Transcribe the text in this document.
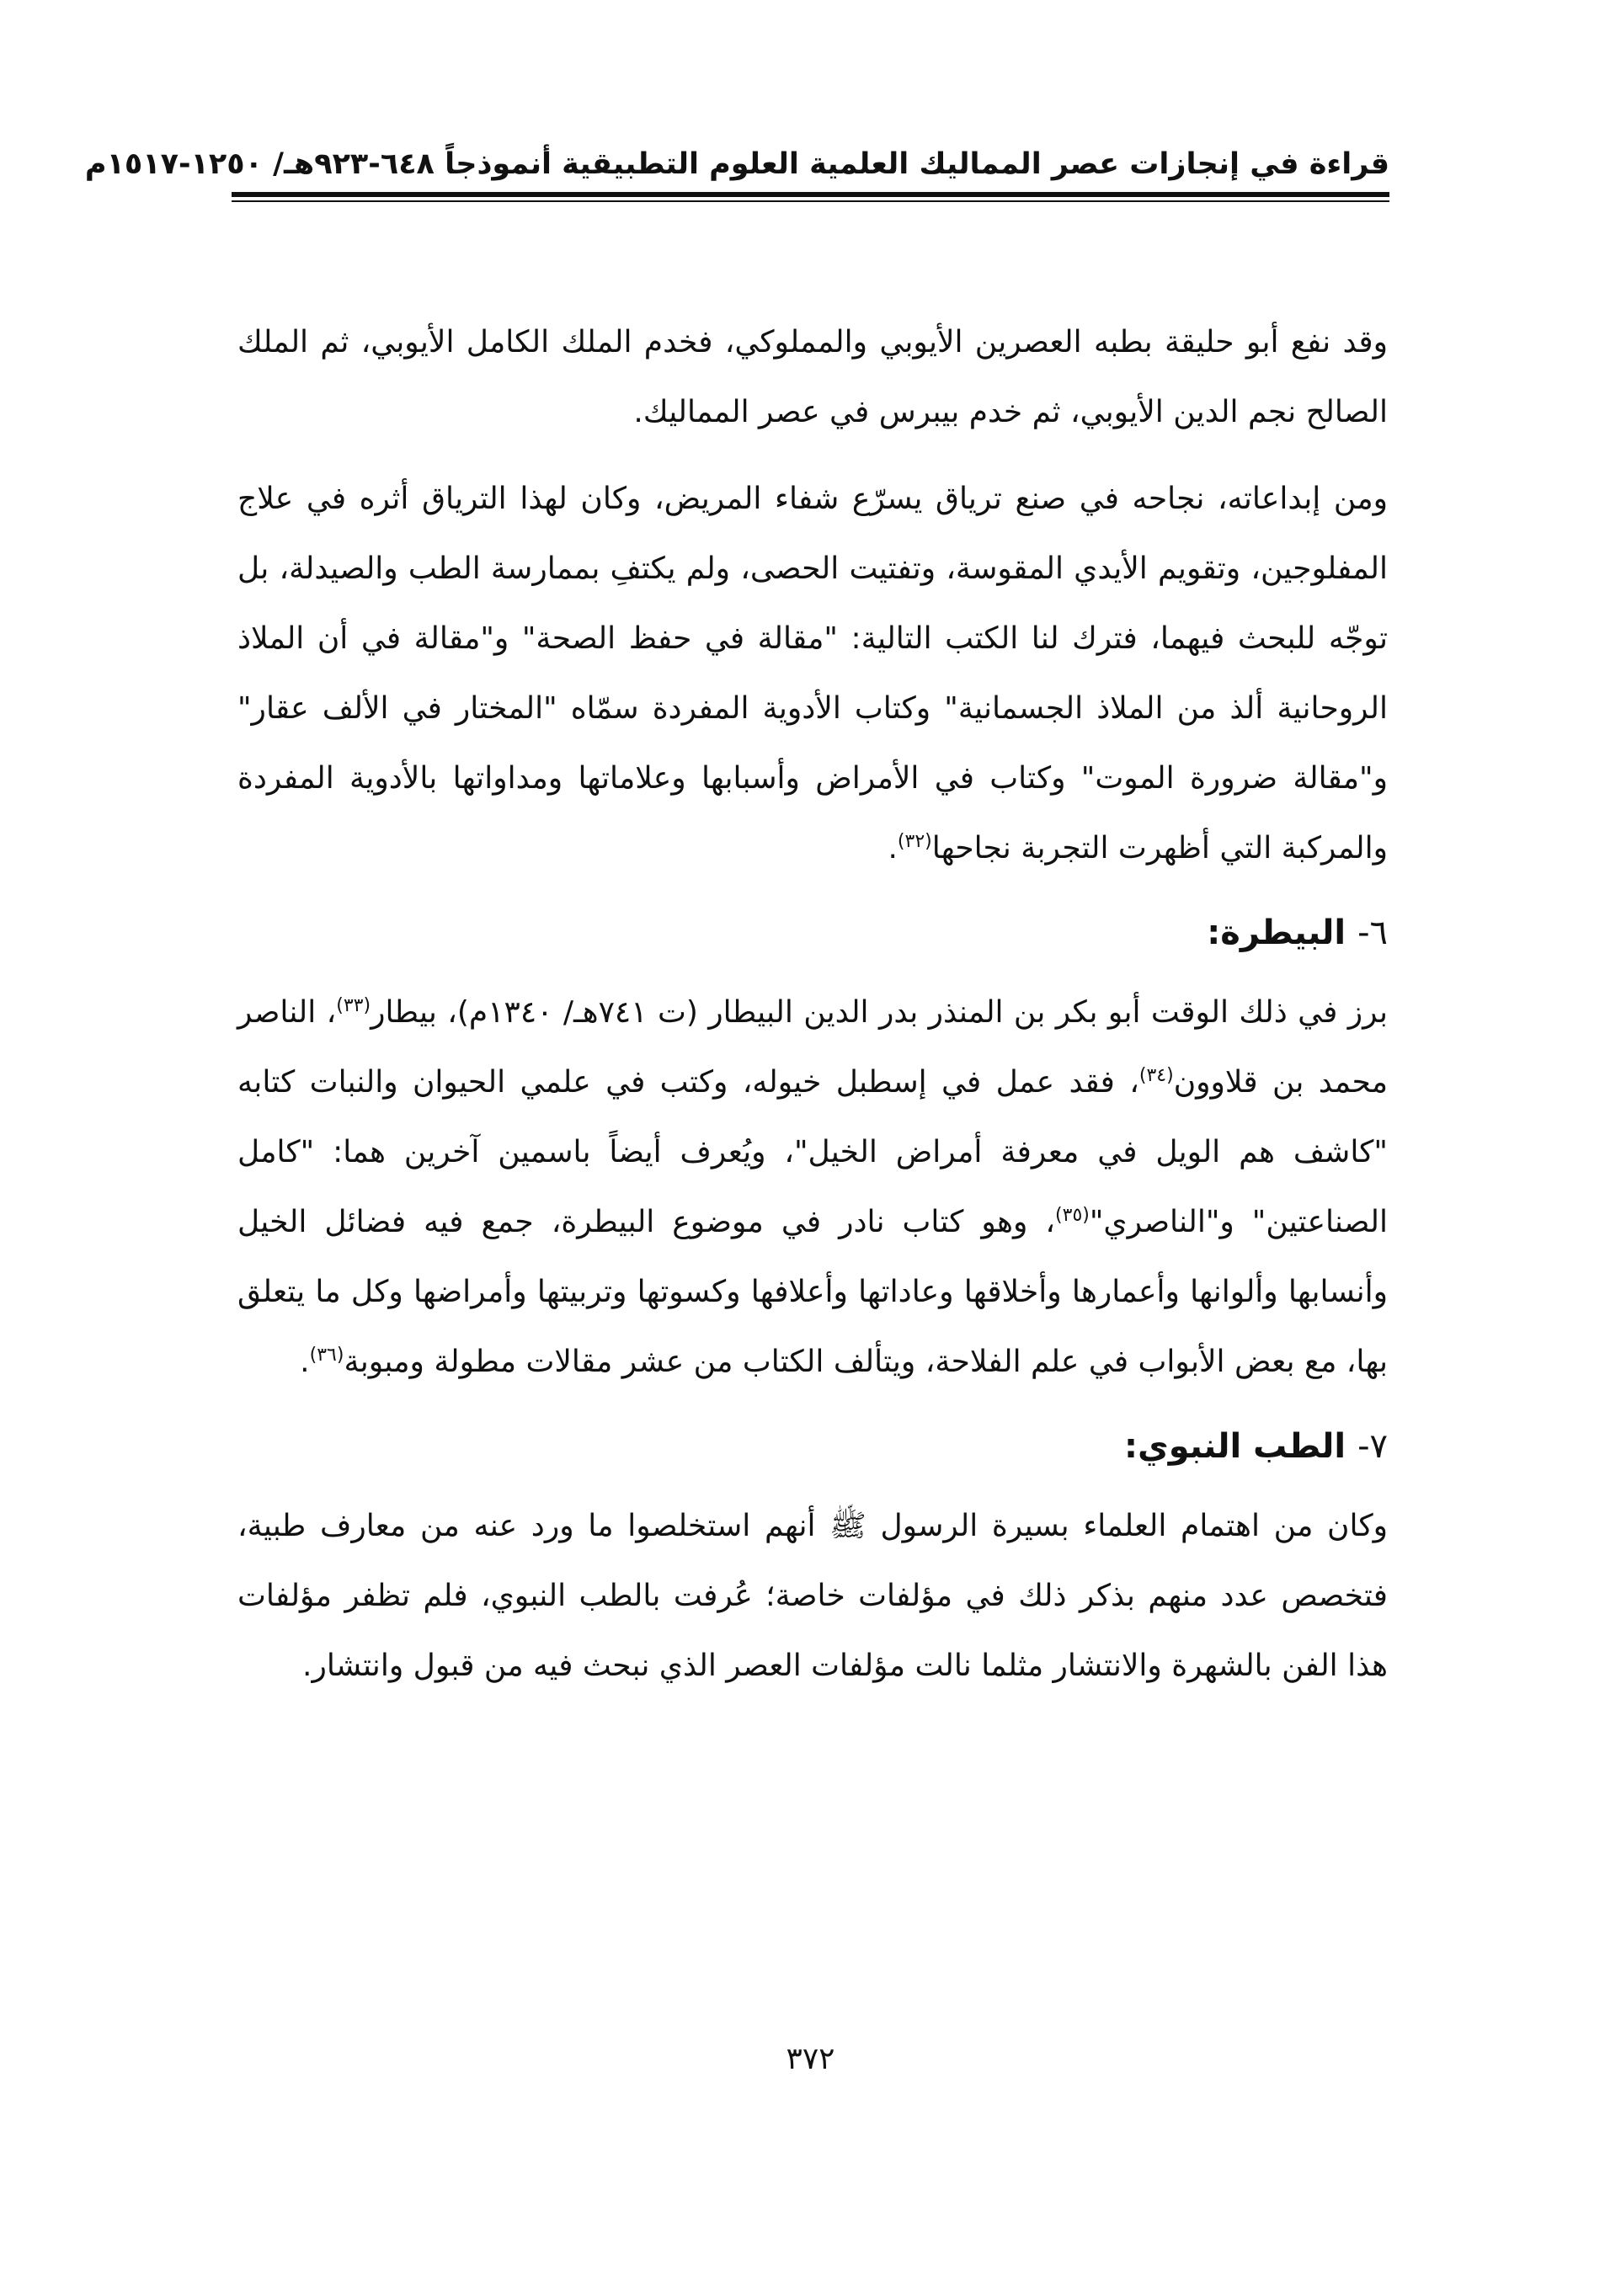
قراءة في إنجازات عصر المماليك العلمية العلوم التطبيقية أنموذجاً ٦٤٨-٩٢٣هـ/ ١٢٥٠-١٥١٧م

وقد نفع أبو حليقة بطبه العصرين الأيوبي والمملوكي، فخدم الملك الكامل الأيوبي، ثم الملك الصالح نجم الدين الأيوبي، ثم خدم بيبرس في عصر المماليك.

ومن إبداعاته، نجاحه في صنع ترياق يسرّع شفاء المريض، وكان لهذا الترياق أثره في علاج المفلوجين، وتقويم الأيدي المقوسة، وتفتيت الحصى، ولم يكتفِ بممارسة الطب والصيدلة، بل توجّه للبحث فيهما، فترك لنا الكتب التالية: "مقالة في حفظ الصحة" و"مقالة في أن الملاذ الروحانية ألذ من الملاذ الجسمانية" وكتاب الأدوية المفردة سمّاه "المختار في الألف عقار" و"مقالة ضرورة الموت" وكتاب في الأمراض وأسبابها وعلاماتها ومداواتها بالأدوية المفردة والمركبة التي أظهرت التجربة نجاحها$^{(٣٢)}$.

٦- البيطرة:

برز في ذلك الوقت أبو بكر بن المنذر بدر الدين البيطار (ت ٧٤١هـ/ ١٣٤٠م)، بيطار$^{(٣٣)}$، الناصر محمد بن قلاوون$^{(٣٤)}$، فقد عمل في إسطبل خيوله، وكتب في علمي الحيوان والنبات كتابه "كاشف هم الويل في معرفة أمراض الخيل"، ويُعرف أيضاً باسمين آخرين هما: "كامل الصناعتين" و"الناصري"$^{(٣٥)}$، وهو كتاب نادر في موضوع البيطرة، جمع فيه فضائل الخيل وأنسابها وألوانها وأعمارها وأخلاقها وعاداتها وأعلافها وكسوتها وتربيتها وأمراضها وكل ما يتعلق بها، مع بعض الأبواب في علم الفلاحة، ويتألف الكتاب من عشر مقالات مطولة ومبوبة$^{(٣٦)}$.

٧- الطب النبوي:

وكان من اهتمام العلماء بسيرة الرسول ﷺ أنهم استخلصوا ما ورد عنه من معارف طبية، فتخصص عدد منهم بذكر ذلك في مؤلفات خاصة؛ عُرفت بالطب النبوي، فلم تظفر مؤلفات هذا الفن بالشهرة والانتشار مثلما نالت مؤلفات العصر الذي نبحث فيه من قبول وانتشار.

٣٧٢
